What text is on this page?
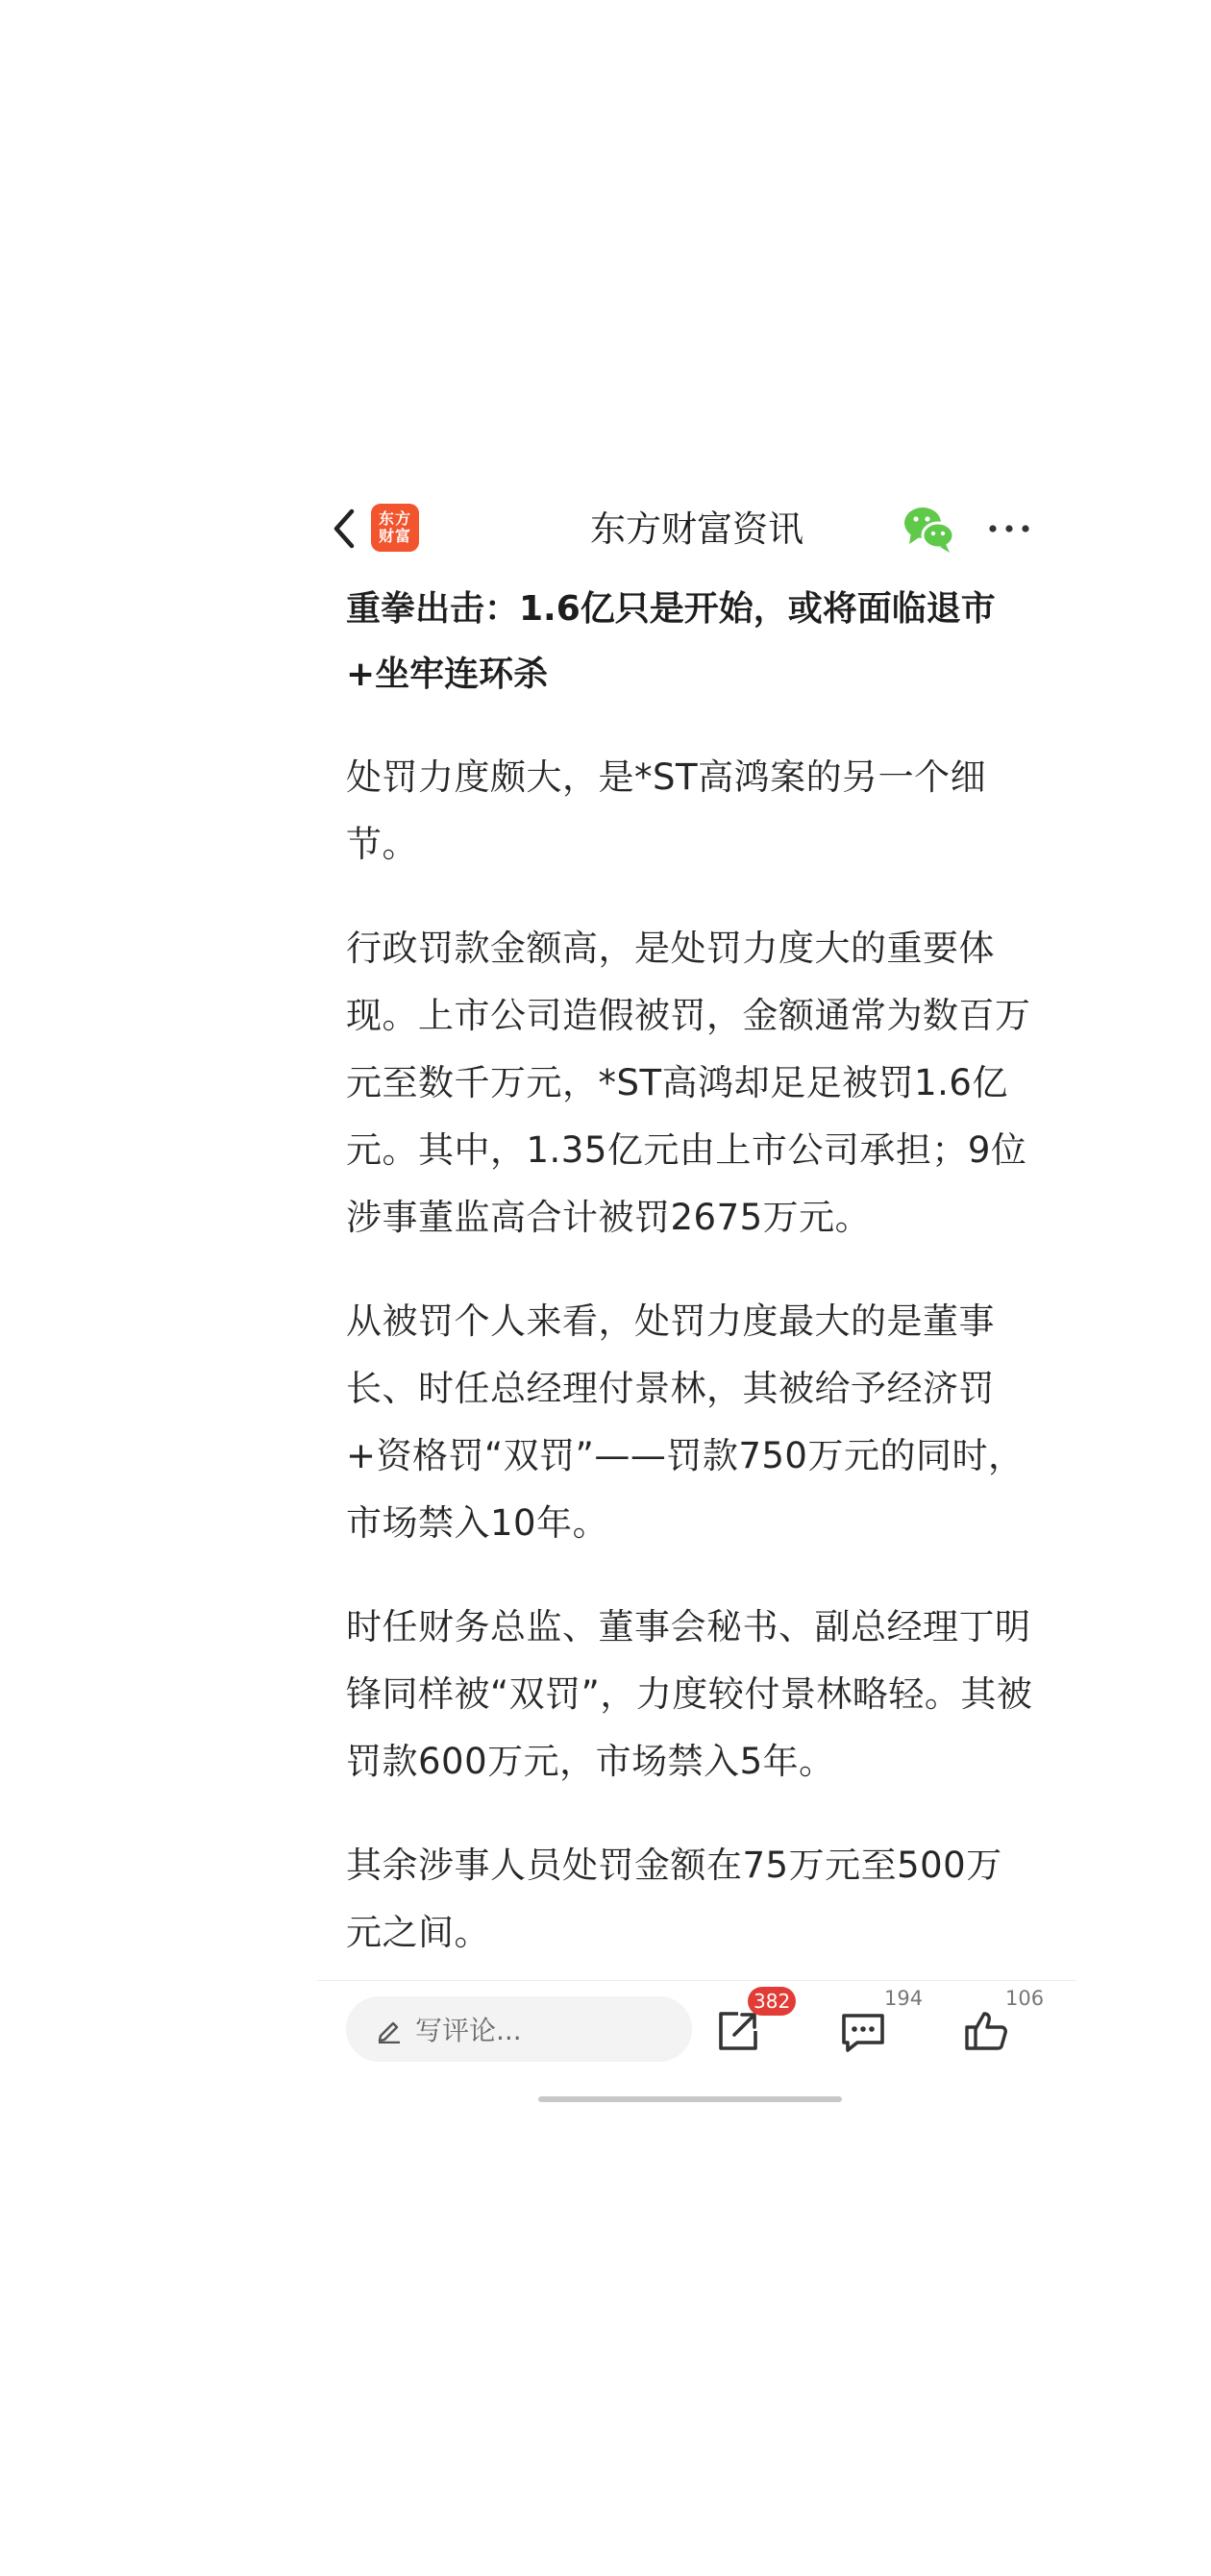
东方
财富	东方财富资讯
重拳出击：1.6亿只是开始，或将面临退市+坐牢连环杀

处罚力度颇大，是*ST高鸿案的另一个细节。

行政罚款金额高，是处罚力度大的重要体现。上市公司造假被罚，金额通常为数百万元至数千万元，*ST高鸿却足足被罚1.6亿元。其中，1.35亿元由上市公司承担；9位涉事董监高合计被罚2675万元。

从被罚个人来看，处罚力度最大的是董事长、时任总经理付景林，其被给予经济罚+资格罚“双罚”——罚款750万元的同时，市场禁入10年。

时任财务总监、董事会秘书、副总经理丁明锋同样被“双罚”，力度较付景林略轻。其被罚款600万元，市场禁入5年。

其余涉事人员处罚金额在75万元至500万元之间。

写评论...
382	194	106
